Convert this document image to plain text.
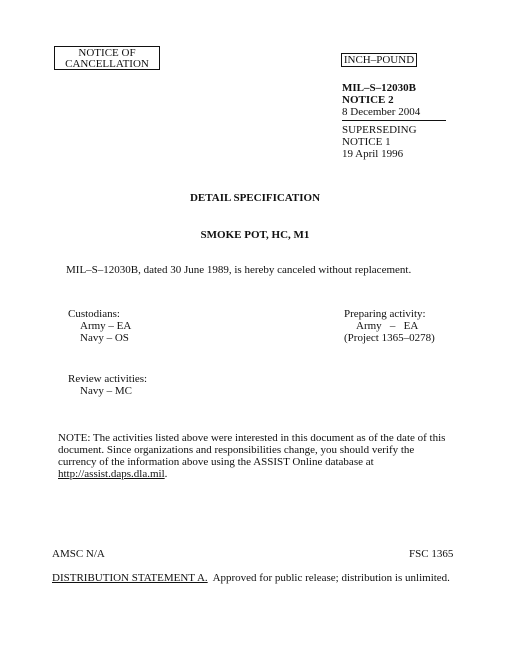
NOTICE OF
CANCELLATION	INCH–POUND
MIL–S–12030B
NOTICE 2
8 December 2004
SUPERSEDING
NOTICE 1
19 April 1996
DETAIL SPECIFICATION
SMOKE POT, HC, M1
MIL–S–12030B, dated 30 June 1989, is hereby canceled without replacement.
Custodians:
Army – EA
Navy – OS
Preparing activity:
Army   –   EA
(Project 1365–0278)
Review activities:
Navy – MC
NOTE: The activities listed above were interested in this document as of the date of this document. Since organizations and responsibilities change, you should verify the currency of the information above using the ASSIST Online database at http://assist.daps.dla.mil.
AMSC N/A	FSC 1365
DISTRIBUTION STATEMENT A.  Approved for public release; distribution is unlimited.
